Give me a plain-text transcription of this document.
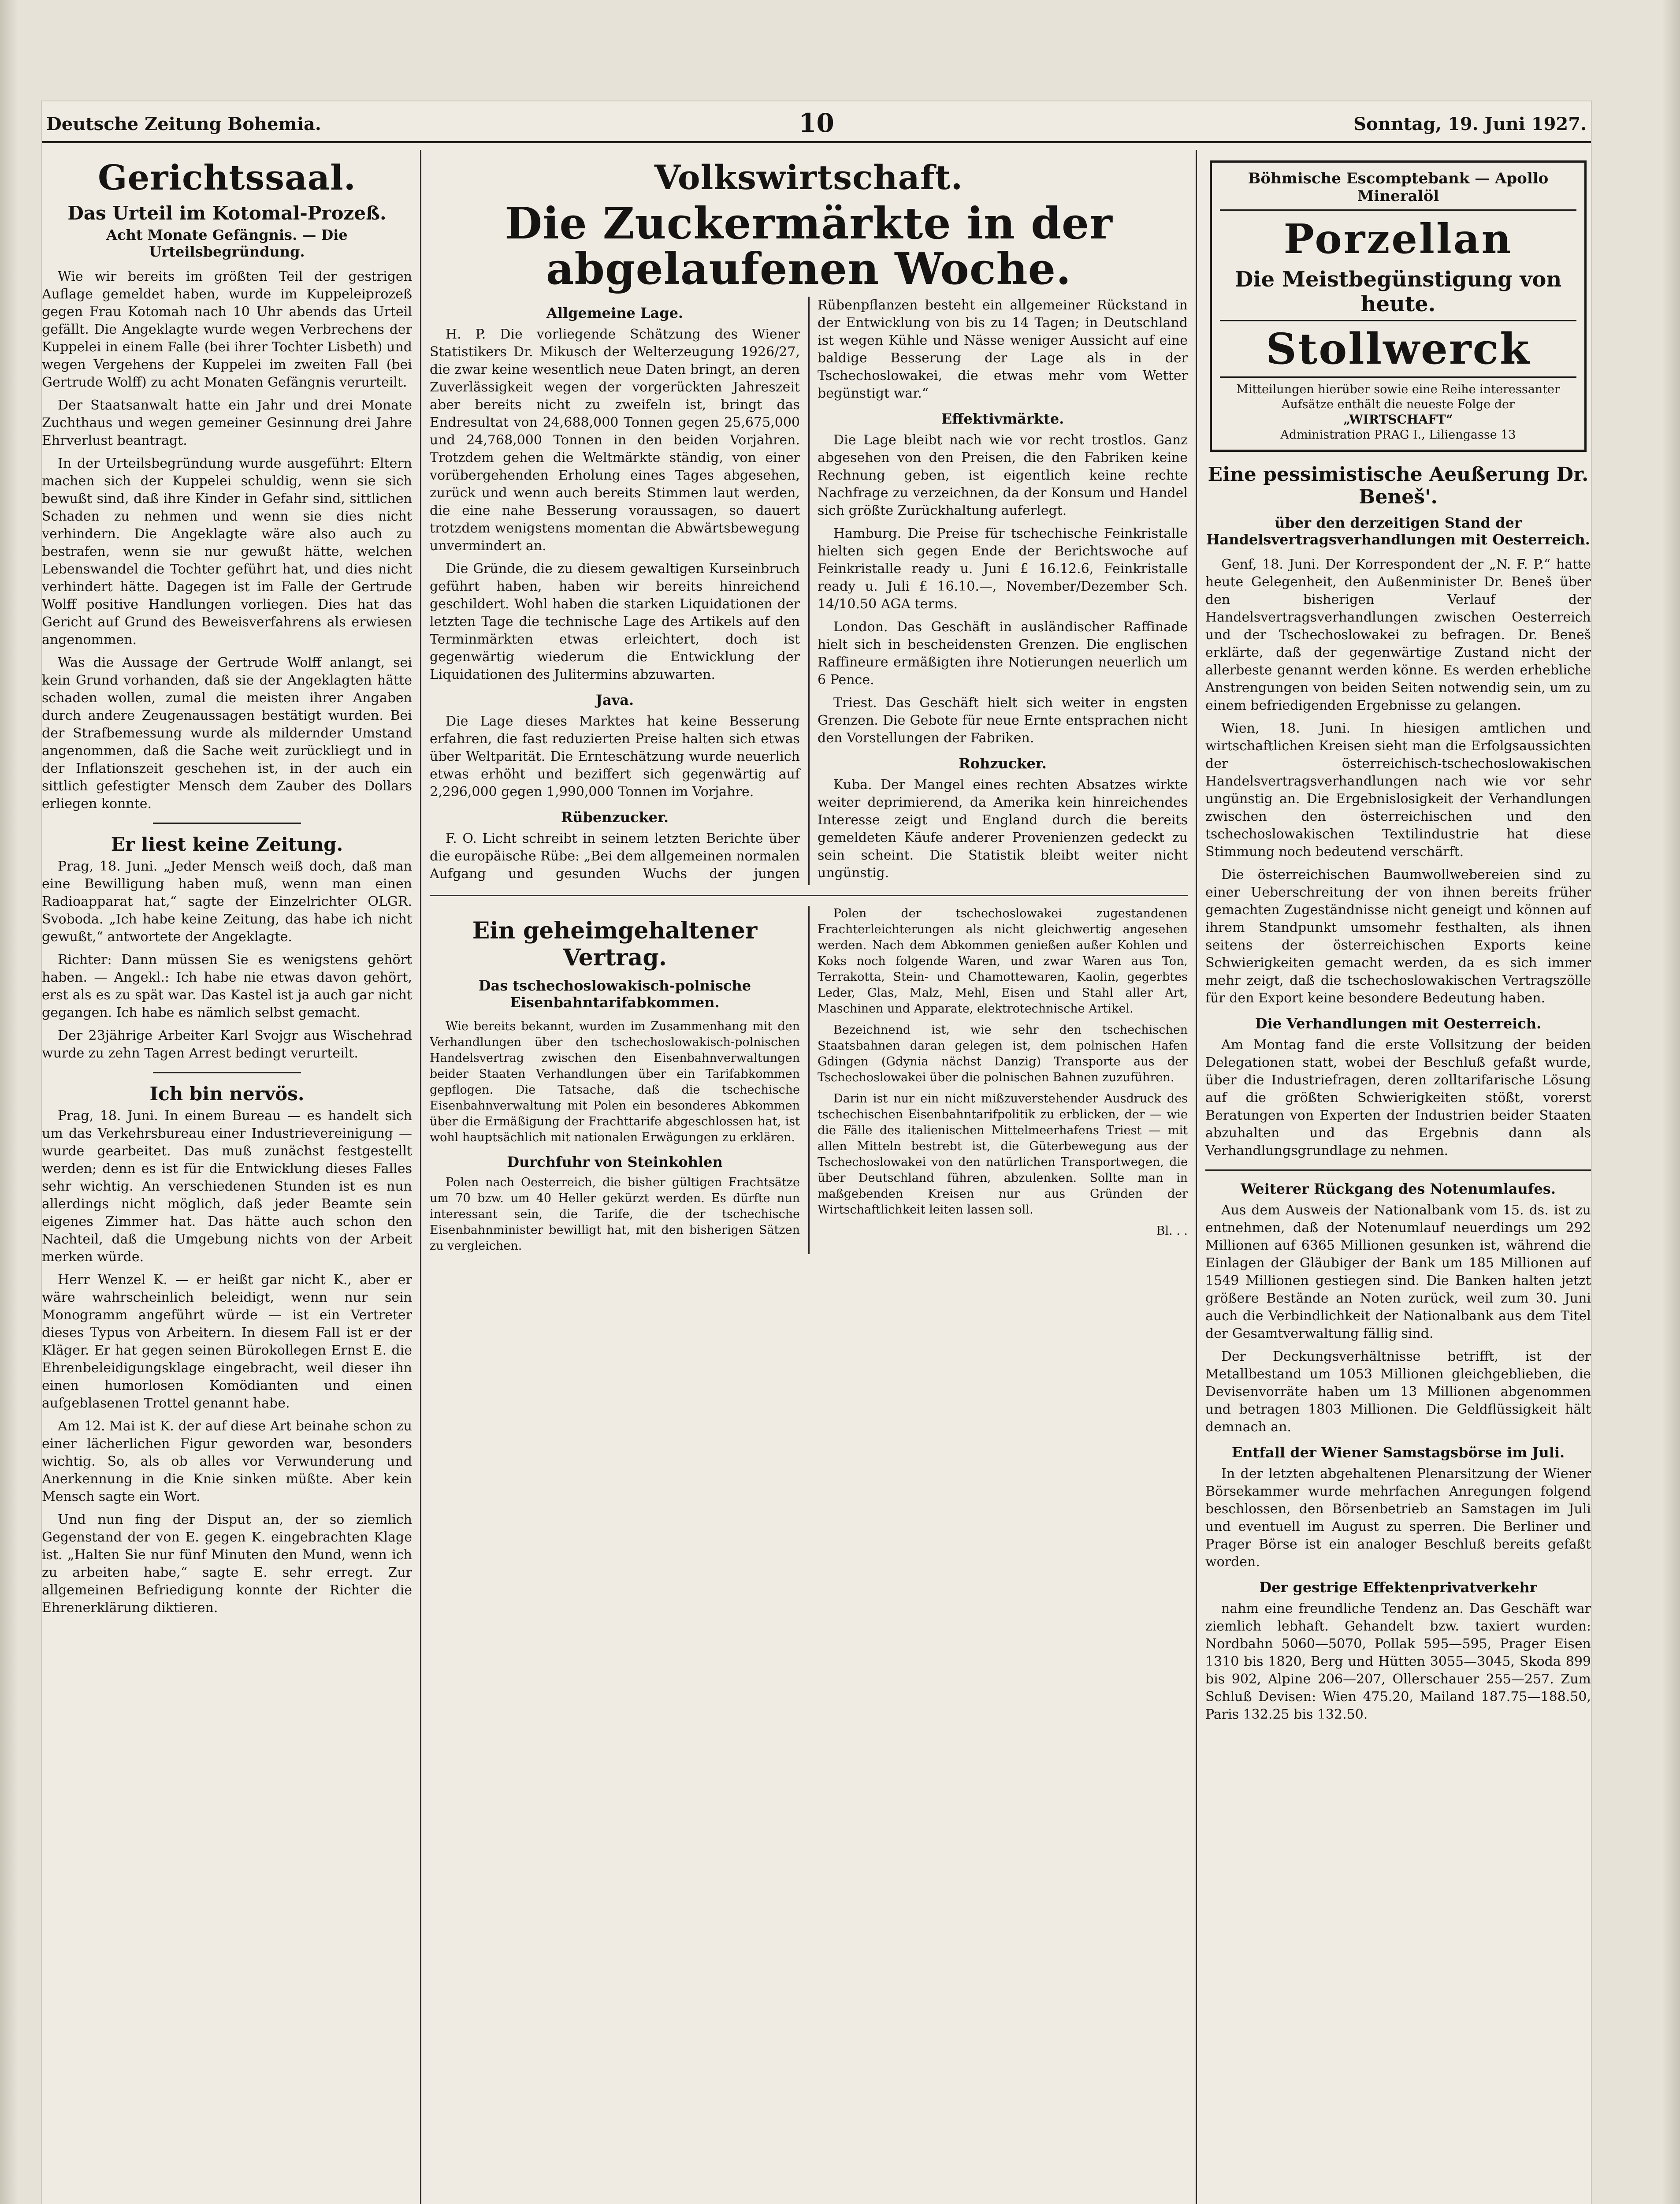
Deutsche Zeitung Bohemia.	10	Sonntag, 19. Juni 1927.
Gerichtssaal.
Das Urteil im Kotomal-Prozeß.
Acht Monate Gefängnis. — Die Urteilsbegründung.

Wie wir bereits im größten Teil der gestrigen Auflage gemeldet haben, wurde im Kuppeleiprozeß gegen Frau Kotomah nach 10 Uhr abends das Urteil gefällt. Die Angeklagte wurde wegen Verbrechens der Kuppelei in einem Falle (bei ihrer Tochter Lisbeth) und wegen Vergehens der Kuppelei im zweiten Fall (bei Gertrude Wolff) zu acht Monaten Gefängnis verurteilt.

Der Staatsanwalt hatte ein Jahr und drei Monate Zuchthaus und wegen gemeiner Gesinnung drei Jahre Ehrverlust beantragt.

In der Urteilsbegründung wurde ausgeführt: Eltern machen sich der Kuppelei schuldig, wenn sie sich bewußt sind, daß ihre Kinder in Gefahr sind, sittlichen Schaden zu nehmen und wenn sie dies nicht verhindern. Die Angeklagte wäre also auch zu bestrafen, wenn sie nur gewußt hätte, welchen Lebenswandel die Tochter geführt hat, und dies nicht verhindert hätte. Dagegen ist im Falle der Gertrude Wolff positive Handlungen vorliegen. Dies hat das Gericht auf Grund des Beweisverfahrens als erwiesen angenommen.

Was die Aussage der Gertrude Wolff anlangt, sei kein Grund vorhanden, daß sie der Angeklagten hätte schaden wollen, zumal die meisten ihrer Angaben durch andere Zeugenaussagen bestätigt wurden. Bei der Strafbemessung wurde als mildernder Umstand angenommen, daß die Sache weit zurückliegt und in der Inflationszeit geschehen ist, in der auch ein sittlich gefestigter Mensch dem Zauber des Dollars erliegen konnte.

Er liest keine Zeitung.

Prag, 18. Juni. „Jeder Mensch weiß doch, daß man eine Bewilligung haben muß, wenn man einen Radioapparat hat,“ sagte der Einzelrichter OLGR. Svoboda. „Ich habe keine Zeitung, das habe ich nicht gewußt,“ antwortete der Angeklagte.

Richter: Dann müssen Sie es wenigstens gehört haben. — Angekl.: Ich habe nie etwas davon gehört, erst als es zu spät war. Das Kastel ist ja auch gar nicht gegangen. Ich habe es nämlich selbst gemacht.

Der 23jährige Arbeiter Karl Svojgr aus Wischehrad wurde zu zehn Tagen Arrest bedingt verurteilt.

Ich bin nervös.

Prag, 18. Juni. In einem Bureau — es handelt sich um das Verkehrsbureau einer Industrievereinigung — wurde gearbeitet. Das muß zunächst festgestellt werden; denn es ist für die Entwicklung dieses Falles sehr wichtig. An verschiedenen Stunden ist es nun allerdings nicht möglich, daß jeder Beamte sein eigenes Zimmer hat. Das hätte auch schon den Nachteil, daß die Umgebung nichts von der Arbeit merken würde.

Herr Wenzel K. — er heißt gar nicht K., aber er wäre wahrscheinlich beleidigt, wenn nur sein Monogramm angeführt würde — ist ein Vertreter dieses Typus von Arbeitern. In diesem Fall ist er der Kläger. Er hat gegen seinen Bürokollegen Ernst E. die Ehrenbeleidigungsklage eingebracht, weil dieser ihn einen humorlosen Komödianten und einen aufgeblasenen Trottel genannt habe.

Am 12. Mai ist K. der auf diese Art beinahe schon zu einer lächerlichen Figur geworden war, besonders wichtig. So, als ob alles vor Verwunderung und Anerkennung in die Knie sinken müßte. Aber kein Mensch sagte ein Wort.

Und nun fing der Disput an, der so ziemlich Gegenstand der von E. gegen K. eingebrachten Klage ist. „Halten Sie nur fünf Minuten den Mund, wenn ich zu arbeiten habe,“ sagte E. sehr erregt. Zur allgemeinen Befriedigung konnte der Richter die Ehrenerklärung diktieren.

Volkswirtschaft.
Die Zuckermärkte in der abgelaufenen Woche.
Allgemeine Lage.

H. P. Die vorliegende Schätzung des Wiener Statistikers Dr. Mikusch der Welterzeugung 1926/27, die zwar keine wesentlich neue Daten bringt, an deren Zuverlässigkeit wegen der vorgerückten Jahreszeit aber bereits nicht zu zweifeln ist, bringt das Endresultat von 24,688,000 Tonnen gegen 25,675,000 und 24,768,000 Tonnen in den beiden Vorjahren. Trotzdem gehen die Weltmärkte ständig, von einer vorübergehenden Erholung eines Tages abgesehen, zurück und wenn auch bereits Stimmen laut werden, die eine nahe Besserung voraussagen, so dauert trotzdem wenigstens momentan die Abwärtsbewegung unvermindert an.

Die Gründe, die zu diesem gewaltigen Kurseinbruch geführt haben, haben wir bereits hinreichend geschildert. Wohl haben die starken Liquidationen der letzten Tage die technische Lage des Artikels auf den Terminmärkten etwas erleichtert, doch ist gegenwärtig wiederum die Entwicklung der Liquidationen des Julitermins abzuwarten.

Java.

Die Lage dieses Marktes hat keine Besserung erfahren, die fast reduzierten Preise halten sich etwas über Weltparität. Die Ernteschätzung wurde neuerlich etwas erhöht und beziffert sich gegenwärtig auf 2,296,000 gegen 1,990,000 Tonnen im Vorjahre.

Rübenzucker.

F. O. Licht schreibt in seinem letzten Berichte über die europäische Rübe: „Bei dem allgemeinen normalen Aufgang und gesunden Wuchs der jungen Rübenpflanzen besteht ein allgemeiner Rückstand in der Entwicklung von bis zu 14 Tagen; in Deutschland ist wegen Kühle und Nässe weniger Aussicht auf eine baldige Besserung der Lage als in der Tschechoslowakei, die etwas mehr vom Wetter begünstigt war.“

Effektivmärkte.

Die Lage bleibt nach wie vor recht trostlos. Ganz abgesehen von den Preisen, die den Fabriken keine Rechnung geben, ist eigentlich keine rechte Nachfrage zu verzeichnen, da der Konsum und Handel sich größte Zurückhaltung auferlegt.

Hamburg. Die Preise für tschechische Feinkristalle hielten sich gegen Ende der Berichtswoche auf Feinkristalle ready u. Juni £ 16.12.6, Feinkristalle ready u. Juli £ 16.10.—, November/Dezember Sch. 14/10.50 AGA terms.

London. Das Geschäft in ausländischer Raffinade hielt sich in bescheidensten Grenzen. Die englischen Raffineure ermäßigten ihre Notierungen neuerlich um 6 Pence.

Triest. Das Geschäft hielt sich weiter in engsten Grenzen. Die Gebote für neue Ernte entsprachen nicht den Vorstellungen der Fabriken.

Rohzucker.

Kuba. Der Mangel eines rechten Absatzes wirkte weiter deprimierend, da Amerika kein hinreichendes Interesse zeigt und England durch die bereits gemeldeten Käufe anderer Provenienzen gedeckt zu sein scheint. Die Statistik bleibt weiter nicht ungünstig.

Ein geheimgehaltener Vertrag.
Das tschechoslowakisch-polnische Eisenbahntarifabkommen.

Wie bereits bekannt, wurden im Zusammenhang mit den Verhandlungen über den tschechoslowakisch-polnischen Handelsvertrag zwischen den Eisenbahnverwaltungen beider Staaten Verhandlungen über ein Tarifabkommen gepflogen. Die Tatsache, daß die tschechische Eisenbahnverwaltung mit Polen ein besonderes Abkommen über die Ermäßigung der Frachttarife abgeschlossen hat, ist wohl hauptsächlich mit nationalen Erwägungen zu erklären.

Durchfuhr von Steinkohlen

Polen nach Oesterreich, die bisher gültigen Frachtsätze um 70 bzw. um 40 Heller gekürzt werden. Es dürfte nun interessant sein, die Tarife, die der tschechische Eisenbahnminister bewilligt hat, mit den bisherigen Sätzen zu vergleichen.

Polen der tschechoslowakei zugestandenen Frachterleichterungen als nicht gleichwertig angesehen werden. Nach dem Abkommen genießen außer Kohlen und Koks noch folgende Waren, und zwar Waren aus Ton, Terrakotta, Stein- und Chamottewaren, Kaolin, gegerbtes Leder, Glas, Malz, Mehl, Eisen und Stahl aller Art, Maschinen und Apparate, elektrotechnische Artikel.

Bezeichnend ist, wie sehr den tschechischen Staatsbahnen daran gelegen ist, dem polnischen Hafen Gdingen (Gdynia nächst Danzig) Transporte aus der Tschechoslowakei über die polnischen Bahnen zuzuführen.

Darin ist nur ein nicht mißzuverstehender Ausdruck des tschechischen Eisenbahntarifpolitik zu erblicken, der — wie die Fälle des italienischen Mittelmeerhafens Triest — mit allen Mitteln bestrebt ist, die Güterbewegung aus der Tschechoslowakei von den natürlichen Transportwegen, die über Deutschland führen, abzulenken. Sollte man in maßgebenden Kreisen nur aus Gründen der Wirtschaftlichkeit leiten lassen soll.

Bl. . .

Böhmische Escomptebank — Apollo Mineralöl
Porzellan
Die Meistbegünstigung von heute.
Stollwerck
Mitteilungen hierüber sowie eine Reihe interessanter Aufsätze enthält die neueste Folge der
„WIRTSCHAFT“
Administration PRAG I., Liliengasse 13
Eine pessimistische Aeußerung Dr. Beneš'.
über den derzeitigen Stand der Handelsvertragsverhandlungen mit Oesterreich.

Genf, 18. Juni. Der Korrespondent der „N. F. P.“ hatte heute Gelegenheit, den Außenminister Dr. Beneš über den bisherigen Verlauf der Handelsvertragsverhandlungen zwischen Oesterreich und der Tschechoslowakei zu befragen. Dr. Beneš erklärte, daß der gegenwärtige Zustand nicht der allerbeste genannt werden könne. Es werden erhebliche Anstrengungen von beiden Seiten notwendig sein, um zu einem befriedigenden Ergebnisse zu gelangen.

Wien, 18. Juni. In hiesigen amtlichen und wirtschaftlichen Kreisen sieht man die Erfolgsaussichten der österreichisch-tschechoslowakischen Handelsvertragsverhandlungen nach wie vor sehr ungünstig an. Die Ergebnislosigkeit der Verhandlungen zwischen den österreichischen und den tschechoslowakischen Textilindustrie hat diese Stimmung noch bedeutend verschärft.

Die österreichischen Baumwollwebereien sind zu einer Ueberschreitung der von ihnen bereits früher gemachten Zugeständnisse nicht geneigt und können auf ihrem Standpunkt umsomehr festhalten, als ihnen seitens der österreichischen Exports keine Schwierigkeiten gemacht werden, da es sich immer mehr zeigt, daß die tschechoslowakischen Vertragszölle für den Export keine besondere Bedeutung haben.

Die Verhandlungen mit Oesterreich.

Am Montag fand die erste Vollsitzung der beiden Delegationen statt, wobei der Beschluß gefaßt wurde, über die Industriefragen, deren zolltarifarische Lösung auf die größten Schwierigkeiten stößt, vorerst Beratungen von Experten der Industrien beider Staaten abzuhalten und das Ergebnis dann als Verhandlungsgrundlage zu nehmen.

Weiterer Rückgang des Notenumlaufes.

Aus dem Ausweis der Nationalbank vom 15. ds. ist zu entnehmen, daß der Notenumlauf neuerdings um 292 Millionen auf 6365 Millionen gesunken ist, während die Einlagen der Gläubiger der Bank um 185 Millionen auf 1549 Millionen gestiegen sind. Die Banken halten jetzt größere Bestände an Noten zurück, weil zum 30. Juni auch die Verbindlichkeit der Nationalbank aus dem Titel der Gesamtverwaltung fällig sind.

Der Deckungsverhältnisse betrifft, ist der Metallbestand um 1053 Millionen gleichgeblieben, die Devisenvorräte haben um 13 Millionen abgenommen und betragen 1803 Millionen. Die Geldflüssigkeit hält demnach an.

Entfall der Wiener Samstagsbörse im Juli.

In der letzten abgehaltenen Plenarsitzung der Wiener Börsekammer wurde mehrfachen Anregungen folgend beschlossen, den Börsenbetrieb an Samstagen im Juli und eventuell im August zu sperren. Die Berliner und Prager Börse ist ein analoger Beschluß bereits gefaßt worden.

Der gestrige Effektenprivatverkehr

nahm eine freundliche Tendenz an. Das Geschäft war ziemlich lebhaft. Gehandelt bzw. taxiert wurden: Nordbahn 5060—5070, Pollak 595—595, Prager Eisen 1310 bis 1820, Berg und Hütten 3055—3045, Skoda 899 bis 902, Alpine 206—207, Ollerschauer 255—257. Zum Schluß Devisen: Wien 475.20, Mailand 187.75—188.50, Paris 132.25 bis 132.50.
